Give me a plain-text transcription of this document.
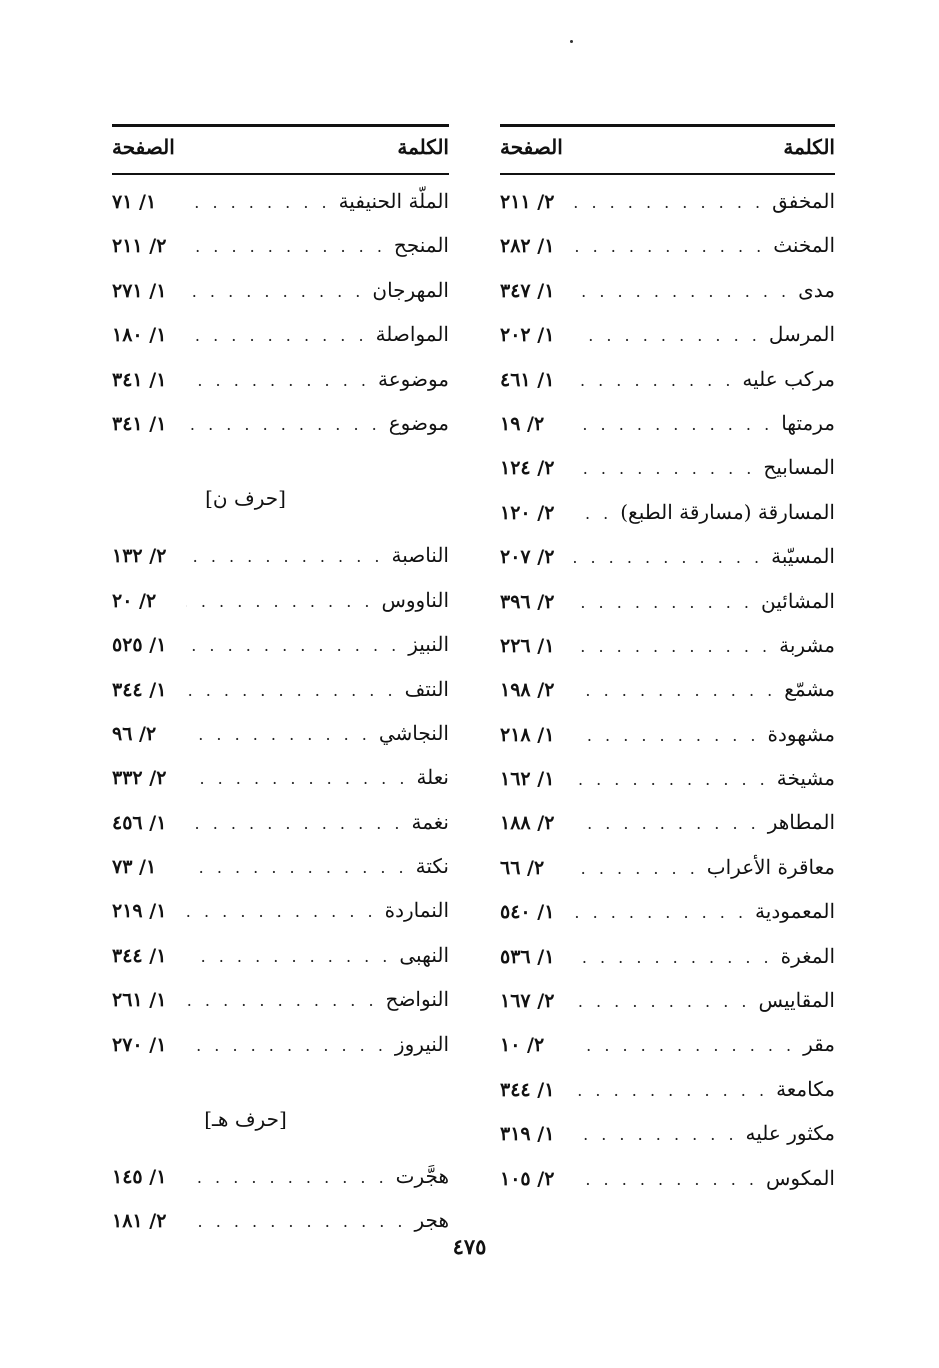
الكلمة
الصفحة
المخفق
. . .
٢/ ٢١١
المخنث
. . .
١/ ٢٨٢
مدى
. . .
١/ ٣٤٧
المرسل
. . .
١/ ٢٠٢
مركب عليه
. . .
١/ ٤٦١
مرمتها
. . .
٢/ ١٩
المسابيح
. . .
٢/ ١٢٤
المسارقة (مسارقة الطبع)
. . .
٢/ ١٢٠
المسيّبة
. . .
٢/ ٢٠٧
المشائين
. . .
٢/ ٣٩٦
مشربة
. . .
١/ ٢٢٦
مشمّع
. . .
٢/ ١٩٨
مشهودة
. . .
١/ ٢١٨
مشيخة
. . .
١/ ١٦٢
المطاهر
. . .
٢/ ١٨٨
معاقرة الأعراب
. . .
٢/ ٦٦
المعمودية
. . .
١/ ٥٤٠
المغرة
. . .
١/ ٥٣٦
المقاييس
. . .
٢/ ١٦٧
مقر
. . .
٢/ ١٠
مكامعة
. . .
١/ ٣٤٤
مكثور عليه
. . .
١/ ٣١٩
المكوس
. . .
٢/ ١٠٥
الكلمة
الصفحة
الملّة الحنيفية
. . .
١/ ٧١
المنجح
. . .
٢/ ٢١١
المهرجان
. . .
١/ ٢٧١
المواصلة
. . .
١/ ١٨٠
موضوعة
. . .
١/ ٣٤١
موضوع
. . .
١/ ٣٤١
[حرف ن]
الناصبة
. . .
٢/ ١٣٢
الناووس
. . .
٢/ ٢٠
النبيز
. . .
١/ ٥٢٥
النتف
. . .
١/ ٣٤٤
النجاشي
. . .
٢/ ٩٦
نعلة
. . .
٢/ ٣٣٢
نغمة
. . .
١/ ٤٥٦
نكتة
. . .
١/ ٧٣
النماردة
. . .
١/ ٢١٩
النهبى
. . .
١/ ٣٤٤
النواضح
. . .
١/ ٢٦١
النيروز
. . .
١/ ٢٧٠
[حرف هـ]
هجَّرت
. . .
١/ ١٤٥
هجر
. . .
٢/ ١٨١
٤٧٥
